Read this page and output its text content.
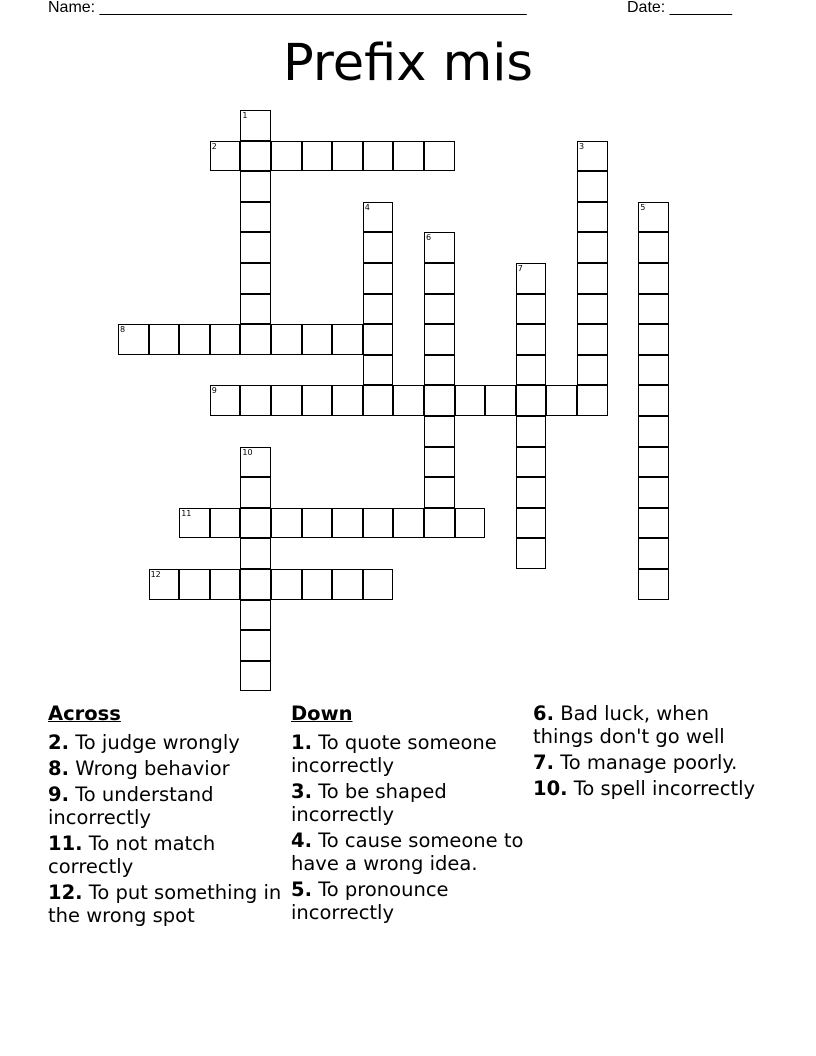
Name: ________________________________________________	Date: _______
Prefix mis
1
2	3
4	5
6
7
8
9
10
11
12
Across
2. To judge wrongly
8. Wrong behavior
9. To understand incorrectly
11. To not match correctly
12. To put something in the wrong spot
Down
1. To quote someone incorrectly
3. To be shaped incorrectly
4. To cause someone to have a wrong idea.
5. To pronounce incorrectly
6. Bad luck, when things don't go well
7. To manage poorly.
10. To spell incorrectly
